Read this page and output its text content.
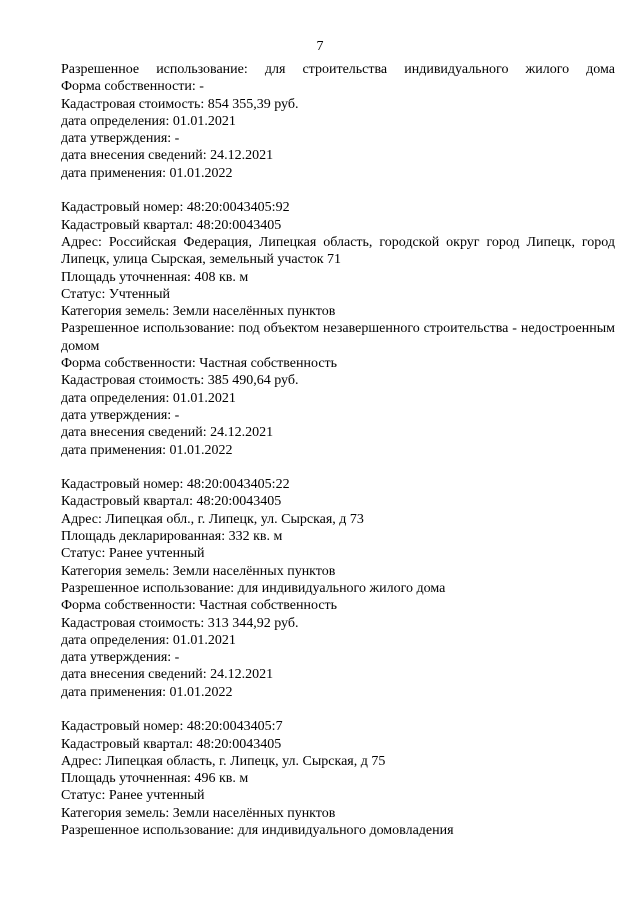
7

Разрешенное использование: для строительства индивидуального жилого дома

Форма собственности: -

Кадастровая стоимость: 854 355,39 руб.

дата определения: 01.01.2021

дата утверждения: -

дата внесения сведений: 24.12.2021

дата применения: 01.01.2022

Кадастровый номер: 48:20:0043405:92

Кадастровый квартал: 48:20:0043405

Адрес: Российская Федерация, Липецкая область, городской округ город Липецк, город Липецк, улица Сырская, земельный участок 71

Площадь уточненная: 408 кв. м

Статус: Учтенный

Категория земель: Земли населённых пунктов

Разрешенное использование: под объектом незавершенного строительства - недостроенным домом

Форма собственности: Частная собственность

Кадастровая стоимость: 385 490,64 руб.

дата определения: 01.01.2021

дата утверждения: -

дата внесения сведений: 24.12.2021

дата применения: 01.01.2022

Кадастровый номер: 48:20:0043405:22

Кадастровый квартал: 48:20:0043405

Адрес: Липецкая обл., г. Липецк, ул. Сырская, д 73

Площадь декларированная: 332 кв. м

Статус: Ранее учтенный

Категория земель: Земли населённых пунктов

Разрешенное использование: для индивидуального жилого дома

Форма собственности: Частная собственность

Кадастровая стоимость: 313 344,92 руб.

дата определения: 01.01.2021

дата утверждения: -

дата внесения сведений: 24.12.2021

дата применения: 01.01.2022

Кадастровый номер: 48:20:0043405:7

Кадастровый квартал: 48:20:0043405

Адрес: Липецкая область, г. Липецк, ул. Сырская, д 75

Площадь уточненная: 496 кв. м

Статус: Ранее учтенный

Категория земель: Земли населённых пунктов

Разрешенное использование: для индивидуального домовладения
